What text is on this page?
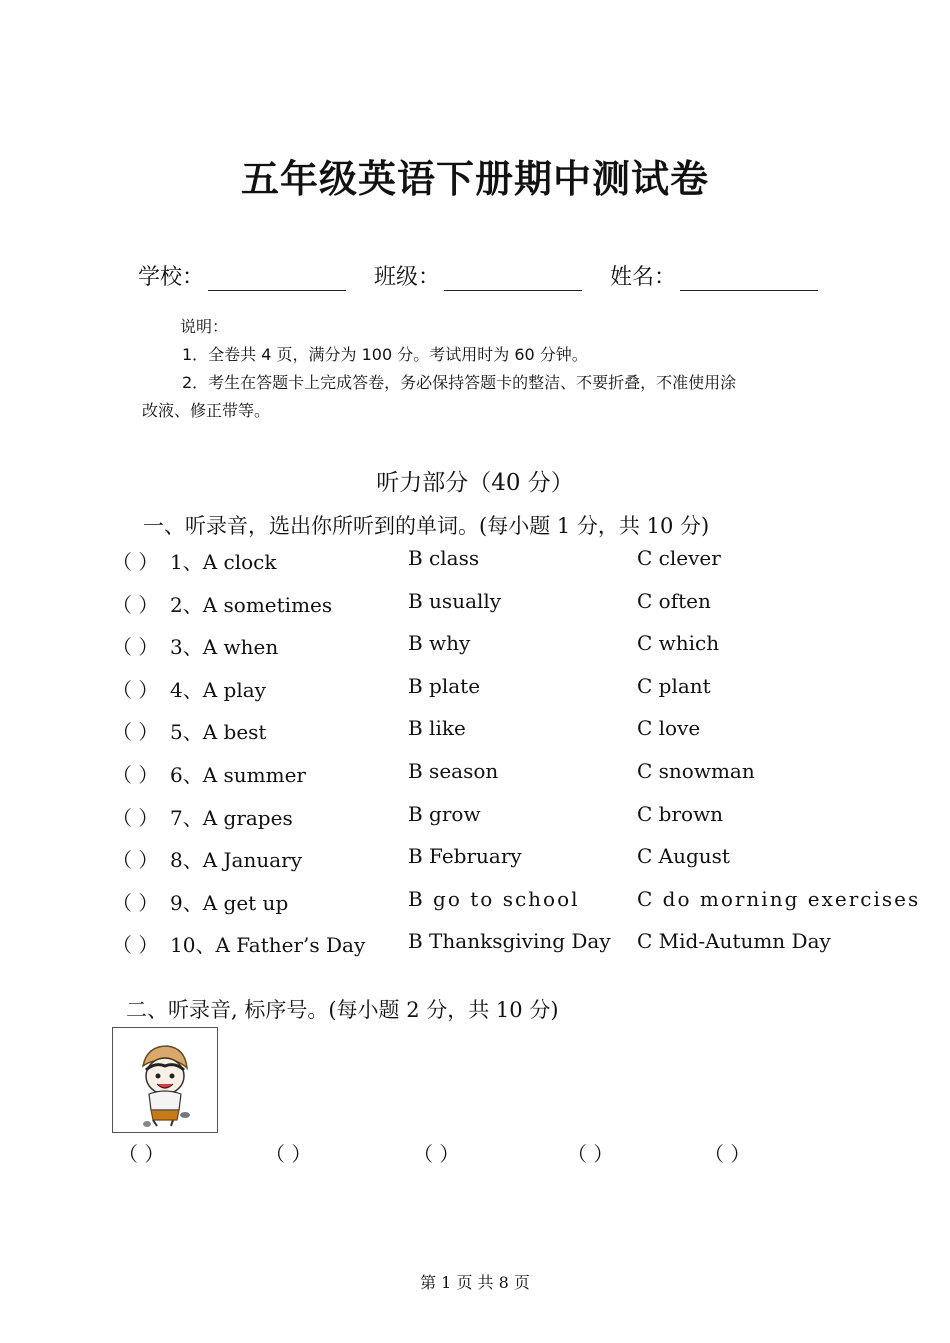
五年级英语下册期中测试卷
学校：	班级：	姓名：
说明：
1．全卷共 4 页，满分为 100 分。考试用时为 60 分钟。
2．考生在答题卡上完成答卷，务必保持答题卡的整洁、不要折叠，不准使用涂
改液、修正带等。
听力部分（40 分）
一、听录音，选出你所听到的单词。(每小题 1 分，共 10 分)
（ ） 1、A clock	B class	C clever
（ ） 2、A sometimes	B usually	C often
（ ） 3、A when	B why	C which
（ ） 4、A play	B plate	C plant
（ ） 5、A best	B like	C love
（ ） 6、A summer	B season	C snowman
（ ） 7、A grapes	B grow	C brown
（ ） 8、A January	B February	C August
（ ） 9、A get up	B go to school	C do morning exercises
（ ） 10、A Father’s Day B Thanksgiving Day C Mid-Autumn Day
二、听录音, 标序号。(每小题 2 分，共 10 分)
（ ）	（ ）	（ ）	（ ）	（ ）
第 1 页 共 8 页
